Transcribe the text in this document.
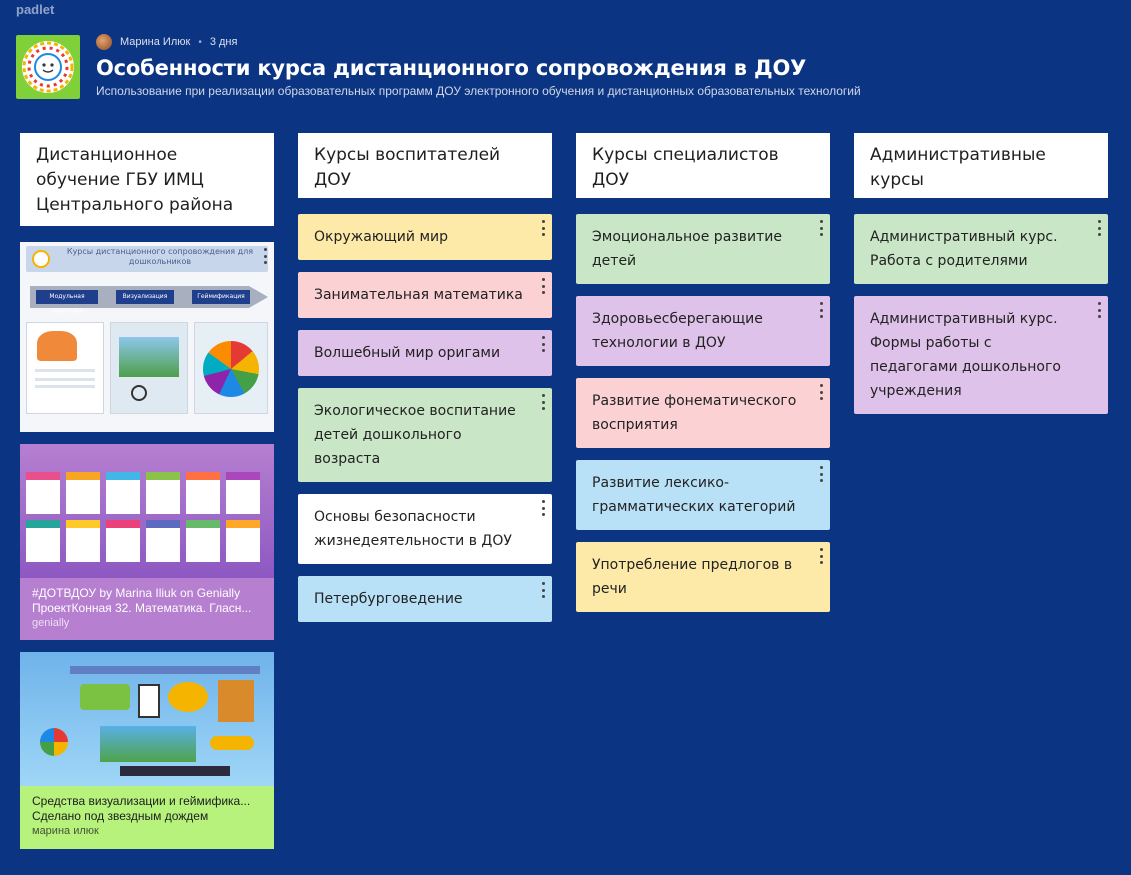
padlet
Марина Илюк • 3 дня
Особенности курса дистанционного сопровождения в ДОУ
Использование при реализации образовательных программ ДОУ электронного обучения и дистанционных образовательных технологий
Дистанционное обучение ГБУ ИМЦ Центрального района
Курсы дистанционного сопровождения для дошкольников
Модульная структура
Визуализация	Геймификация
#ДОТВДОУ by Marina Iliuk on Genially
ПроектКонная 32. Математика. Гласн...
genially
Средства визуализации и геймифика...
Сделано под звездным дождем
марина илюк
Курсы воспитателей ДОУ
Окружающий мир
Занимательная математика
Волшебный мир оригами
Экологическое воспитание детей дошкольного возраста
Основы безопасности жизнедеятельности в ДОУ
Петербурговедение
Курсы специалистов ДОУ
Эмоциональное развитие детей
Здоровьесберегающие технологии в ДОУ
Развитие фонематического восприятия
Развитие лексико-грамматических категорий
Употребление предлогов в речи
Административные курсы
Административный курс. Работа с родителями
Административный курс. Формы работы с педагогами дошкольного учреждения
